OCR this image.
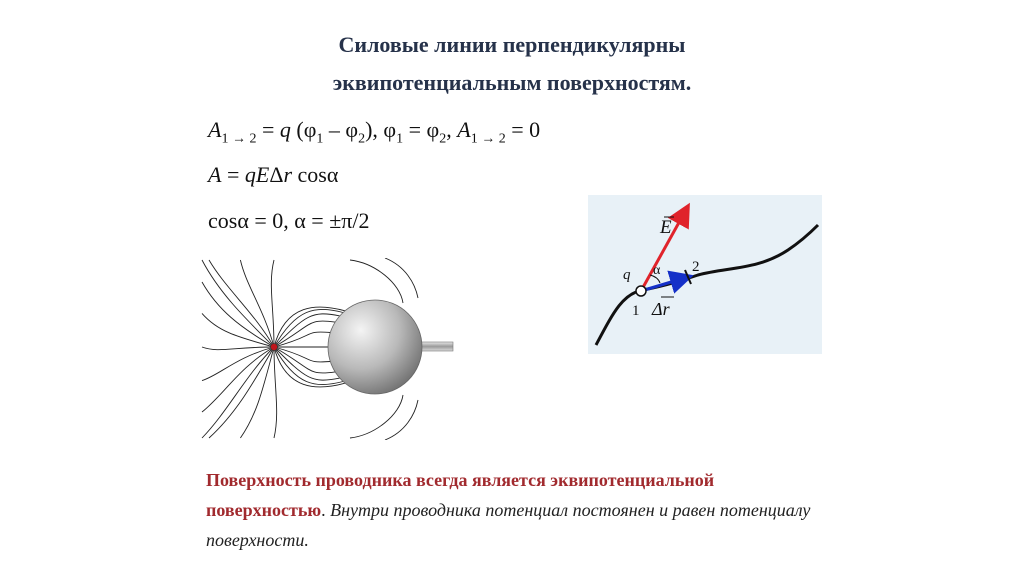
Силовые линии перпендикулярны
эквипотенциальным поверхностям.
$A_{1 \to 2} = q$ $(\varphi_1 - \varphi_2)$, $\varphi_1 = \varphi_2$, $A_{1 \to 2} = 0$
A = qEΔr cosα
cosα = 0, α = ±π/2	E
q α
1
2
Δr
Поверхность проводника всегда является эквипотенциальной поверхностью. Внутри проводника потенциал постоянен и равен потенциалу поверхности.
